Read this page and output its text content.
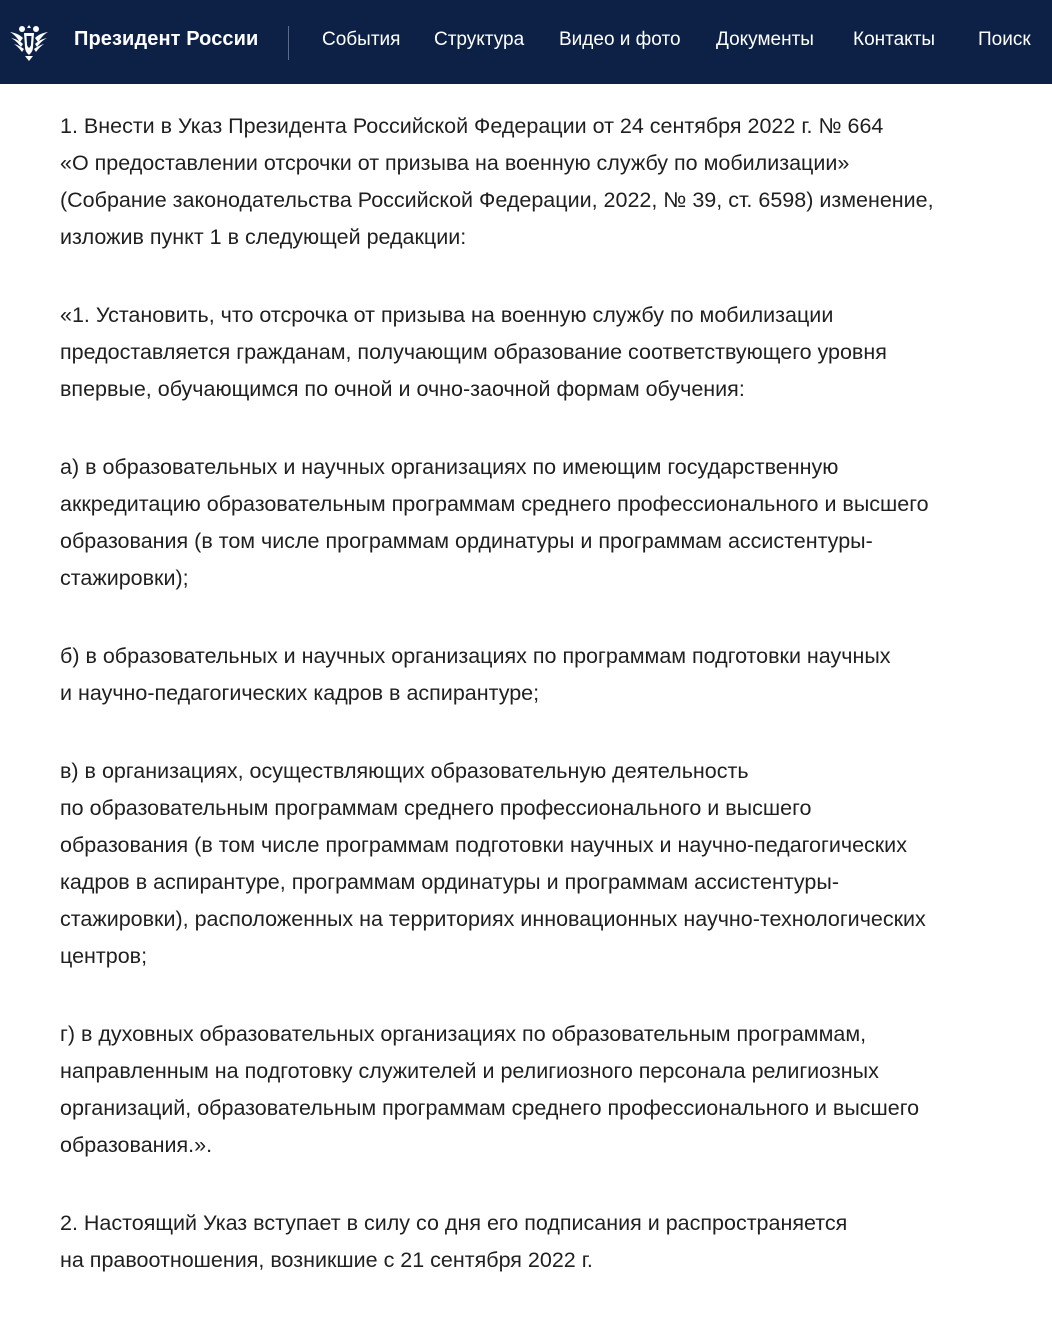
Президент России	События Структура Видео и фото Документы Контакты Поиск

1. Внести в Указ Президента Российской Федерации от 24 сентября 2022 г. № 664
«О предоставлении отсрочки от призыва на военную службу по мобилизации»
(Собрание законодательства Российской Федерации, 2022, № 39, ст. 6598) изменение,
изложив пункт 1 в следующей редакции:

«1. Установить, что отсрочка от призыва на военную службу по мобилизации
предоставляется гражданам, получающим образование соответствующего уровня
впервые, обучающимся по очной и очно-заочной формам обучения:

а) в образовательных и научных организациях по имеющим государственную
аккредитацию образовательным программам среднего профессионального и высшего
образования (в том числе программам ординатуры и программам ассистентуры-
стажировки);

б) в образовательных и научных организациях по программам подготовки научных
и научно-педагогических кадров в аспирантуре;

в) в организациях, осуществляющих образовательную деятельность
по образовательным программам среднего профессионального и высшего
образования (в том числе программам подготовки научных и научно-педагогических
кадров в аспирантуре, программам ординатуры и программам ассистентуры-
стажировки), расположенных на территориях инновационных научно-технологических
центров;

г) в духовных образовательных организациях по образовательным программам,
направленным на подготовку служителей и религиозного персонала религиозных
организаций, образовательным программам среднего профессионального и высшего
образования.».

2. Настоящий Указ вступает в силу со дня его подписания и распространяется
на правоотношения, возникшие с 21 сентября 2022 г.
